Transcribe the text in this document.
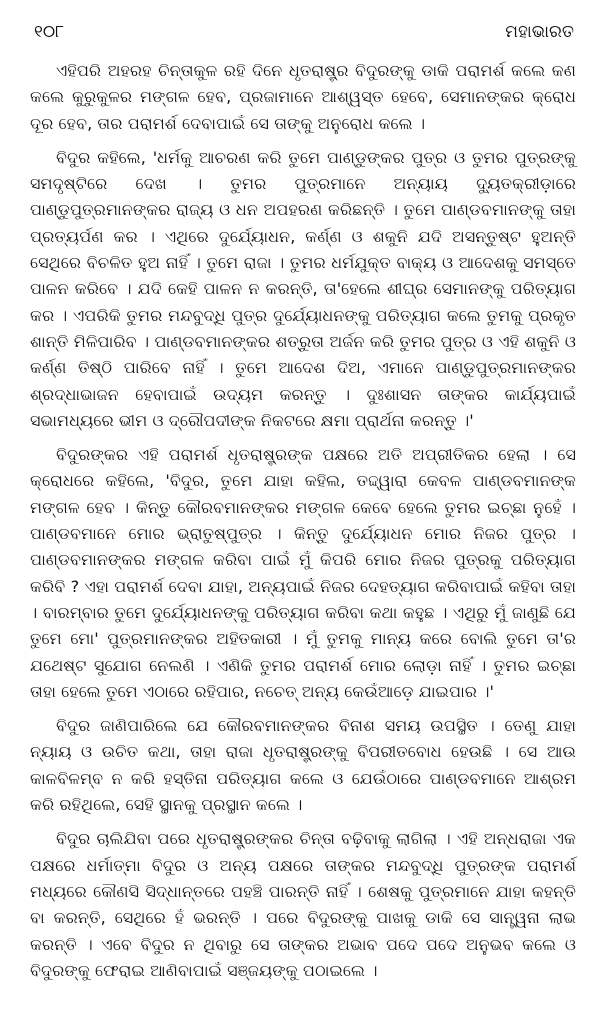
୧୦୮	ମହାଭାରତ

ଏହିପରି ଅହରହ ଚିନ୍ତାକୁଳ ରହି ଦିନେ ଧୃତରାଷ୍ଟ୍ର ବିଦୁରଙ୍କୁ ଡାକି ପରାମର୍ଶ କଲେ କଣ କଲେ କୁରୁକୁଳର ମଙ୍ଗଳ ହେବ, ପ୍ରଜାମାନେ ଆଶ୍ୱସ୍ତ ହେବେ, ସେମାନଙ୍କର କ୍ରୋଧ ଦୂର ହେବ, ତାର ପରାମର୍ଶ ଦେବାପାଇଁ ସେ ତାଙ୍କୁ ଅନୁରୋଧ କଲେ ।

ବିଦୁର କହିଲେ, 'ଧର୍ମକୁ ଆଚରଣ କରି ତୁମେ ପାଣ୍ଡୁଙ୍କର ପୁତ୍ର ଓ ତୁମର ପୁତ୍ରଙ୍କୁ ସମଦୃଷ୍ଟିରେ ଦେଖ । ତୁମର ପୁତ୍ରମାନେ ଅନ୍ୟାୟ ଦ୍ୟୁତକ୍ରୀଡ଼ାରେ ପାଣ୍ଡୁପୁତ୍ରମାନଙ୍କର ରାଜ୍ୟ ଓ ଧନ ଅପହରଣ କରିଛନ୍ତି । ତୁମେ ପାଣ୍ଡବମାନଙ୍କୁ ତାହା ପ୍ରତ୍ୟର୍ପଣ କର । ଏଥିରେ ଦୁର୍ଯ୍ୟୋଧନ, କର୍ଣ୍ଣ ଓ ଶକୁନି ଯଦି ଅସନ୍ତୁଷ୍ଟ ହୁଅନ୍ତି ସେଥିରେ ବିଚଳିତ ହୁଅ ନାହିଁ । ତୁମେ ରାଜା । ତୁମର ଧର୍ମଯୁକ୍ତ ବାକ୍ୟ ଓ ଆଦେଶକୁ ସମସ୍ତେ ପାଳନ କରିବେ । ଯଦି କେହି ପାଳନ ନ କରନ୍ତି, ତା'ହେଲେ ଶୀଘ୍ର ସେମାନଙ୍କୁ ପରିତ୍ୟାଗ କର । ଏପରିକି ତୁମର ମନ୍ଦବୁଦ୍ଧି ପୁତ୍ର ଦୁର୍ଯ୍ୟୋଧନଙ୍କୁ ପରିତ୍ୟାଗ କଲେ ତୁମକୁ ପ୍ରକୃତ ଶାନ୍ତି ମିଳିପାରିବ । ପାଣ୍ଡବମାନଙ୍କର ଶତ୍ରୁତା ଅର୍ଜନ କରି ତୁମର ପୁତ୍ର ଓ ଏହି ଶକୁନି ଓ କର୍ଣ୍ଣ ତିଷ୍ଠି ପାରିବେ ନାହିଁ । ତୁମେ ଆଦେଶ ଦିଅ, ଏମାନେ ପାଣ୍ଡୁପୁତ୍ରମାନଙ୍କର ଶ୍ରଦ୍ଧାଭାଜନ ହେବାପାଇଁ ଉଦ୍ୟମ କରନ୍ତୁ । ଦୁଃଶାସନ ତାଙ୍କର କାର୍ଯ୍ୟପାଇଁ ସଭାମଧ୍ୟରେ ଭୀମ ଓ ଦ୍ରୌପଦୀଙ୍କ ନିକଟରେ କ୍ଷମା ପ୍ରାର୍ଥନା କରନ୍ତୁ ।'

ବିଦୁରଙ୍କର ଏହି ପରାମର୍ଶ ଧୃତରାଷ୍ଟ୍ରଙ୍କ ପକ୍ଷରେ ଅତି ଅପ୍ରୀତିକର ହେଲା । ସେ କ୍ରୋଧରେ କହିଲେ, 'ବିଦୁର, ତୁମେ ଯାହା କହିଲ, ତଦ୍ଦ୍ୱାରା କେବଳ ପାଣ୍ଡବମାନଙ୍କ ମଙ୍ଗଳ ହେବ । କିନ୍ତୁ କୌରବମାନଙ୍କର ମଙ୍ଗଳ କେବେ ହେଲେ ତୁମର ଇଚ୍ଛା ନୁହେଁ । ପାଣ୍ଡବମାନେ ମୋର ଭ୍ରାତୁଷ୍ପୁତ୍ର । କିନ୍ତୁ ଦୁର୍ଯ୍ୟୋଧନ ମୋର ନିଜର ପୁତ୍ର । ପାଣ୍ଡବମାନଙ୍କର ମଙ୍ଗଳ କରିବା ପାଇଁ ମୁଁ କିପରି ମୋର ନିଜର ପୁତ୍ରକୁ ପରିତ୍ୟାଗ କରିବି ? ଏହା ପରାମର୍ଶ ଦେବା ଯାହା, ଅନ୍ୟପାଇଁ ନିଜର ଦେହତ୍ୟାଗ କରିବାପାଇଁ କହିବା ତାହା । ବାରମ୍ବାର ତୁମେ ଦୁର୍ଯ୍ୟୋଧନଙ୍କୁ ପରିତ୍ୟାଗ କରିବା କଥା କହୁଛ । ଏଥିରୁ ମୁଁ ଜାଣୁଛି ଯେ ତୁମେ ମୋ' ପୁତ୍ରମାନଙ୍କର ଅହିତକାରୀ । ମୁଁ ତୁମକୁ ମାନ୍ୟ କରେ ବୋଲି ତୁମେ ତା'ର ଯଥେଷ୍ଟ ସୁଯୋଗ ନେଲଣି । ଏଣିକି ତୁମର ପରାମର୍ଶ ମୋର ଲୋଡ଼ା ନାହିଁ । ତୁମର ଇଚ୍ଛା ତାହା ହେଲେ ତୁମେ ଏଠାରେ ରହିପାର, ନଚେତ୍ ଅନ୍ୟ କେଉଁଆଡ଼େ ଯାଇପାର ।'

ବିଦୁର ଜାଣିପାରିଲେ ଯେ କୌରବମାନଙ୍କର ବିନାଶ ସମୟ ଉପସ୍ଥିତ । ତେଣୁ ଯାହା ନ୍ୟାୟ ଓ ଉଚିତ କଥା, ତାହା ରାଜା ଧୃତରାଷ୍ଟ୍ରଙ୍କୁ ବିପରୀତବୋଧ ହେଉଛି । ସେ ଆଉ କାଳବିଳମ୍ବ ନ କରି ହସ୍ତିନା ପରିତ୍ୟାଗ କଲେ ଓ ଯେଉଁଠାରେ ପାଣ୍ଡବମାନେ ଆଶ୍ରମ କରି ରହିଥିଲେ, ସେହି ସ୍ଥାନକୁ ପ୍ରସ୍ଥାନ କଲେ ।

ବିଦୁର ଚାଲିଯିବା ପରେ ଧୃତରାଷ୍ଟ୍ରଙ୍କର ଚିନ୍ତା ବଢ଼ିବାକୁ ଲାଗିଲା । ଏହି ଅନ୍ଧରାଜା ଏକ ପକ୍ଷରେ ଧର୍ମାତ୍ମା ବିଦୁର ଓ ଅନ୍ୟ ପକ୍ଷରେ ତାଙ୍କର ମନ୍ଦବୁଦ୍ଧି ପୁତ୍ରଙ୍କ ପରାମର୍ଶ ମଧ୍ୟରେ କୌଣସି ସିଦ୍ଧାନ୍ତରେ ପହଞ୍ଚି ପାରନ୍ତି ନାହିଁ । ଶେଷକୁ ପୁତ୍ରମାନେ ଯାହା କହନ୍ତି ବା କରନ୍ତି, ସେଥିରେ ହଁ ଭରନ୍ତି । ପରେ ବିଦୁରଙ୍କୁ ପାଖକୁ ଡାକି ସେ ସାନ୍ତ୍ୱନା ଲାଭ କରନ୍ତି । ଏବେ ବିଦୁର ନ ଥିବାରୁ ସେ ତାଙ୍କର ଅଭାବ ପଦେ ପଦେ ଅନୁଭବ କଲେ ଓ ବିଦୁରଙ୍କୁ ଫେରାଇ ଆଣିବାପାଇଁ ସଞ୍ଜୟଙ୍କୁ ପଠାଇଲେ ।
